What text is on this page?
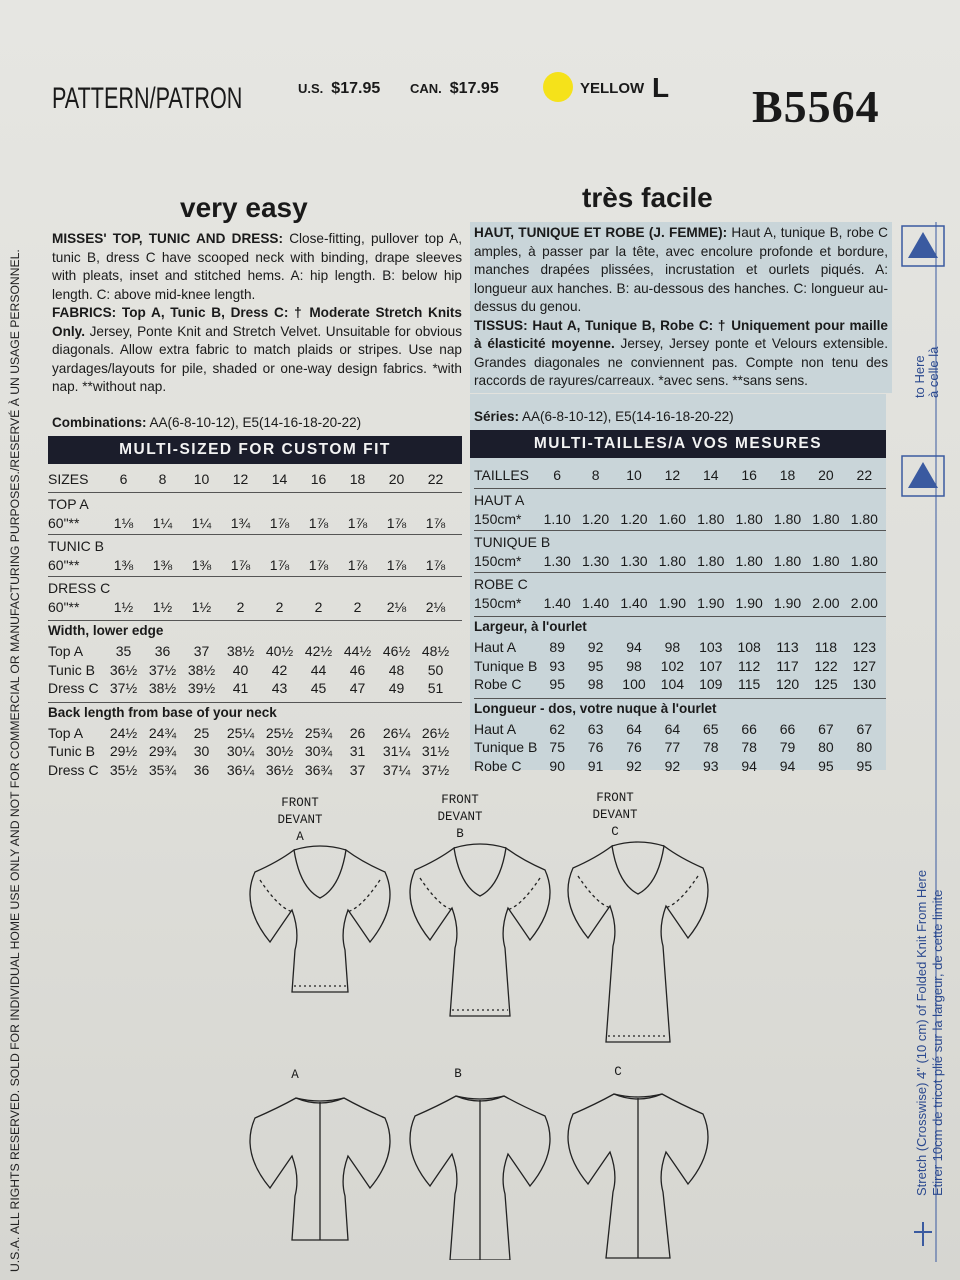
PATTERN/PATRON	U.S. $17.95 CAN. $17.95	YELLOW L B5564
very easy	très facile
MISSES' TOP, TUNIC AND DRESS: Close-fitting, pullover top A, tunic B, dress C have scooped neck with binding, drape sleeves with pleats, inset and stitched hems. A: hip length. B: below hip length. C: above mid-knee length.
FABRICS: Top A, Tunic B, Dress C: † Moderate Stretch Knits Only. Jersey, Ponte Knit and Stretch Velvet. Unsuitable for obvious diagonals. Allow extra fabric to match plaids or stripes. Use nap yardages/layouts for pile, shaded or one-way design fabrics. *with nap. **without nap.
HAUT, TUNIQUE ET ROBE (J. FEMME): Haut A, tunique B, robe C amples, à passer par la tête, avec encolure profonde et bordure, manches drapées plissées, incrustation et ourlets piqués. A: longueur aux hanches. B: au-dessous des hanches. C: longueur au-dessus du genou.
TISSUS: Haut A, Tunique B, Robe C: † Uniquement pour maille à élasticité moyenne. Jersey, Jersey ponte et Velours extensible. Grandes diagonales ne conviennent pas. Compte non tenu des raccords de rayures/carreaux. *avec sens. **sans sens.
Combinations: AA(6-8-10-12), E5(14-16-18-20-22)	Séries: AA(6-8-10-12), E5(14-16-18-20-22)
MULTI-SIZED FOR CUSTOM FIT	MULTI-TAILLES/A VOS MESURES
SIZES	6	8	10	12	14	16	18	20	22
TOP A
60"**	1⅛	1¼	1¼	1¾	1⅞	1⅞	1⅞	1⅞	1⅞
TUNIC B
60"**	1⅜	1⅜	1⅜	1⅞	1⅞	1⅞	1⅞	1⅞	1⅞
DRESS C
60"**	1½	1½	1½	2	2	2	2	2⅛	2⅛
Width, lower edge
Top A	35	36	37	38½ 40½ 42½ 44½ 46½ 48½
Tunic B	36½ 37½ 38½	40	42	44	46	48	50
Dress C 37½ 38½ 39½	41	43	45	47	49	51
Back length from base of your neck
Top A	24½ 24¾	25	25¼ 25½ 25¾	26	26¼ 26½
Tunic B	29½ 29¾	30	30¼ 30½ 30¾	31	31¼ 31½
Dress C 35½ 35¾	36	36¼ 36½ 36¾	37	37¼ 37½
TAILLES	6	8	10	12	14	16	18	20	22
HAUT A
150cm*	1.10 1.20 1.20 1.60 1.80 1.80 1.80 1.80 1.80
TUNIQUE B
150cm*	1.30 1.30 1.30 1.80 1.80 1.80 1.80 1.80 1.80
ROBE C
150cm*	1.40 1.40 1.40 1.90 1.90 1.90 1.90 2.00 2.00
Largeur, à l'ourlet
Haut A	89	92	94	98	103	108	113	118	123
Tunique B 93	95	98	102	107	112	117	122	127
Robe C	95	98	100	104	109	115	120	125	130
Longueur - dos, votre nuque à l'ourlet
Haut A	62	63	64	64	65	66	66	67	67
Tunique B 75	76	76	77	78	78	79	80	80
Robe C	90	91	92	92	93	94	94	95	95
FRONT
DEVANT
A
FRONT
DEVANT
B
FRONT
DEVANT
C
A	B	C
U.S.A. ALL RIGHTS RESERVED. SOLD FOR INDIVIDUAL HOME USE ONLY AND NOT FOR COMMERCIAL OR MANUFACTURING PURPOSES./RESERVÉ À UN USAGE PERSONNEL.	to Here à celle là
Stretch (Crosswise) 4" (10 cm) of Folded Knit From Here Etirer 10cm de tricot plié sur la largeur, de cette limite
